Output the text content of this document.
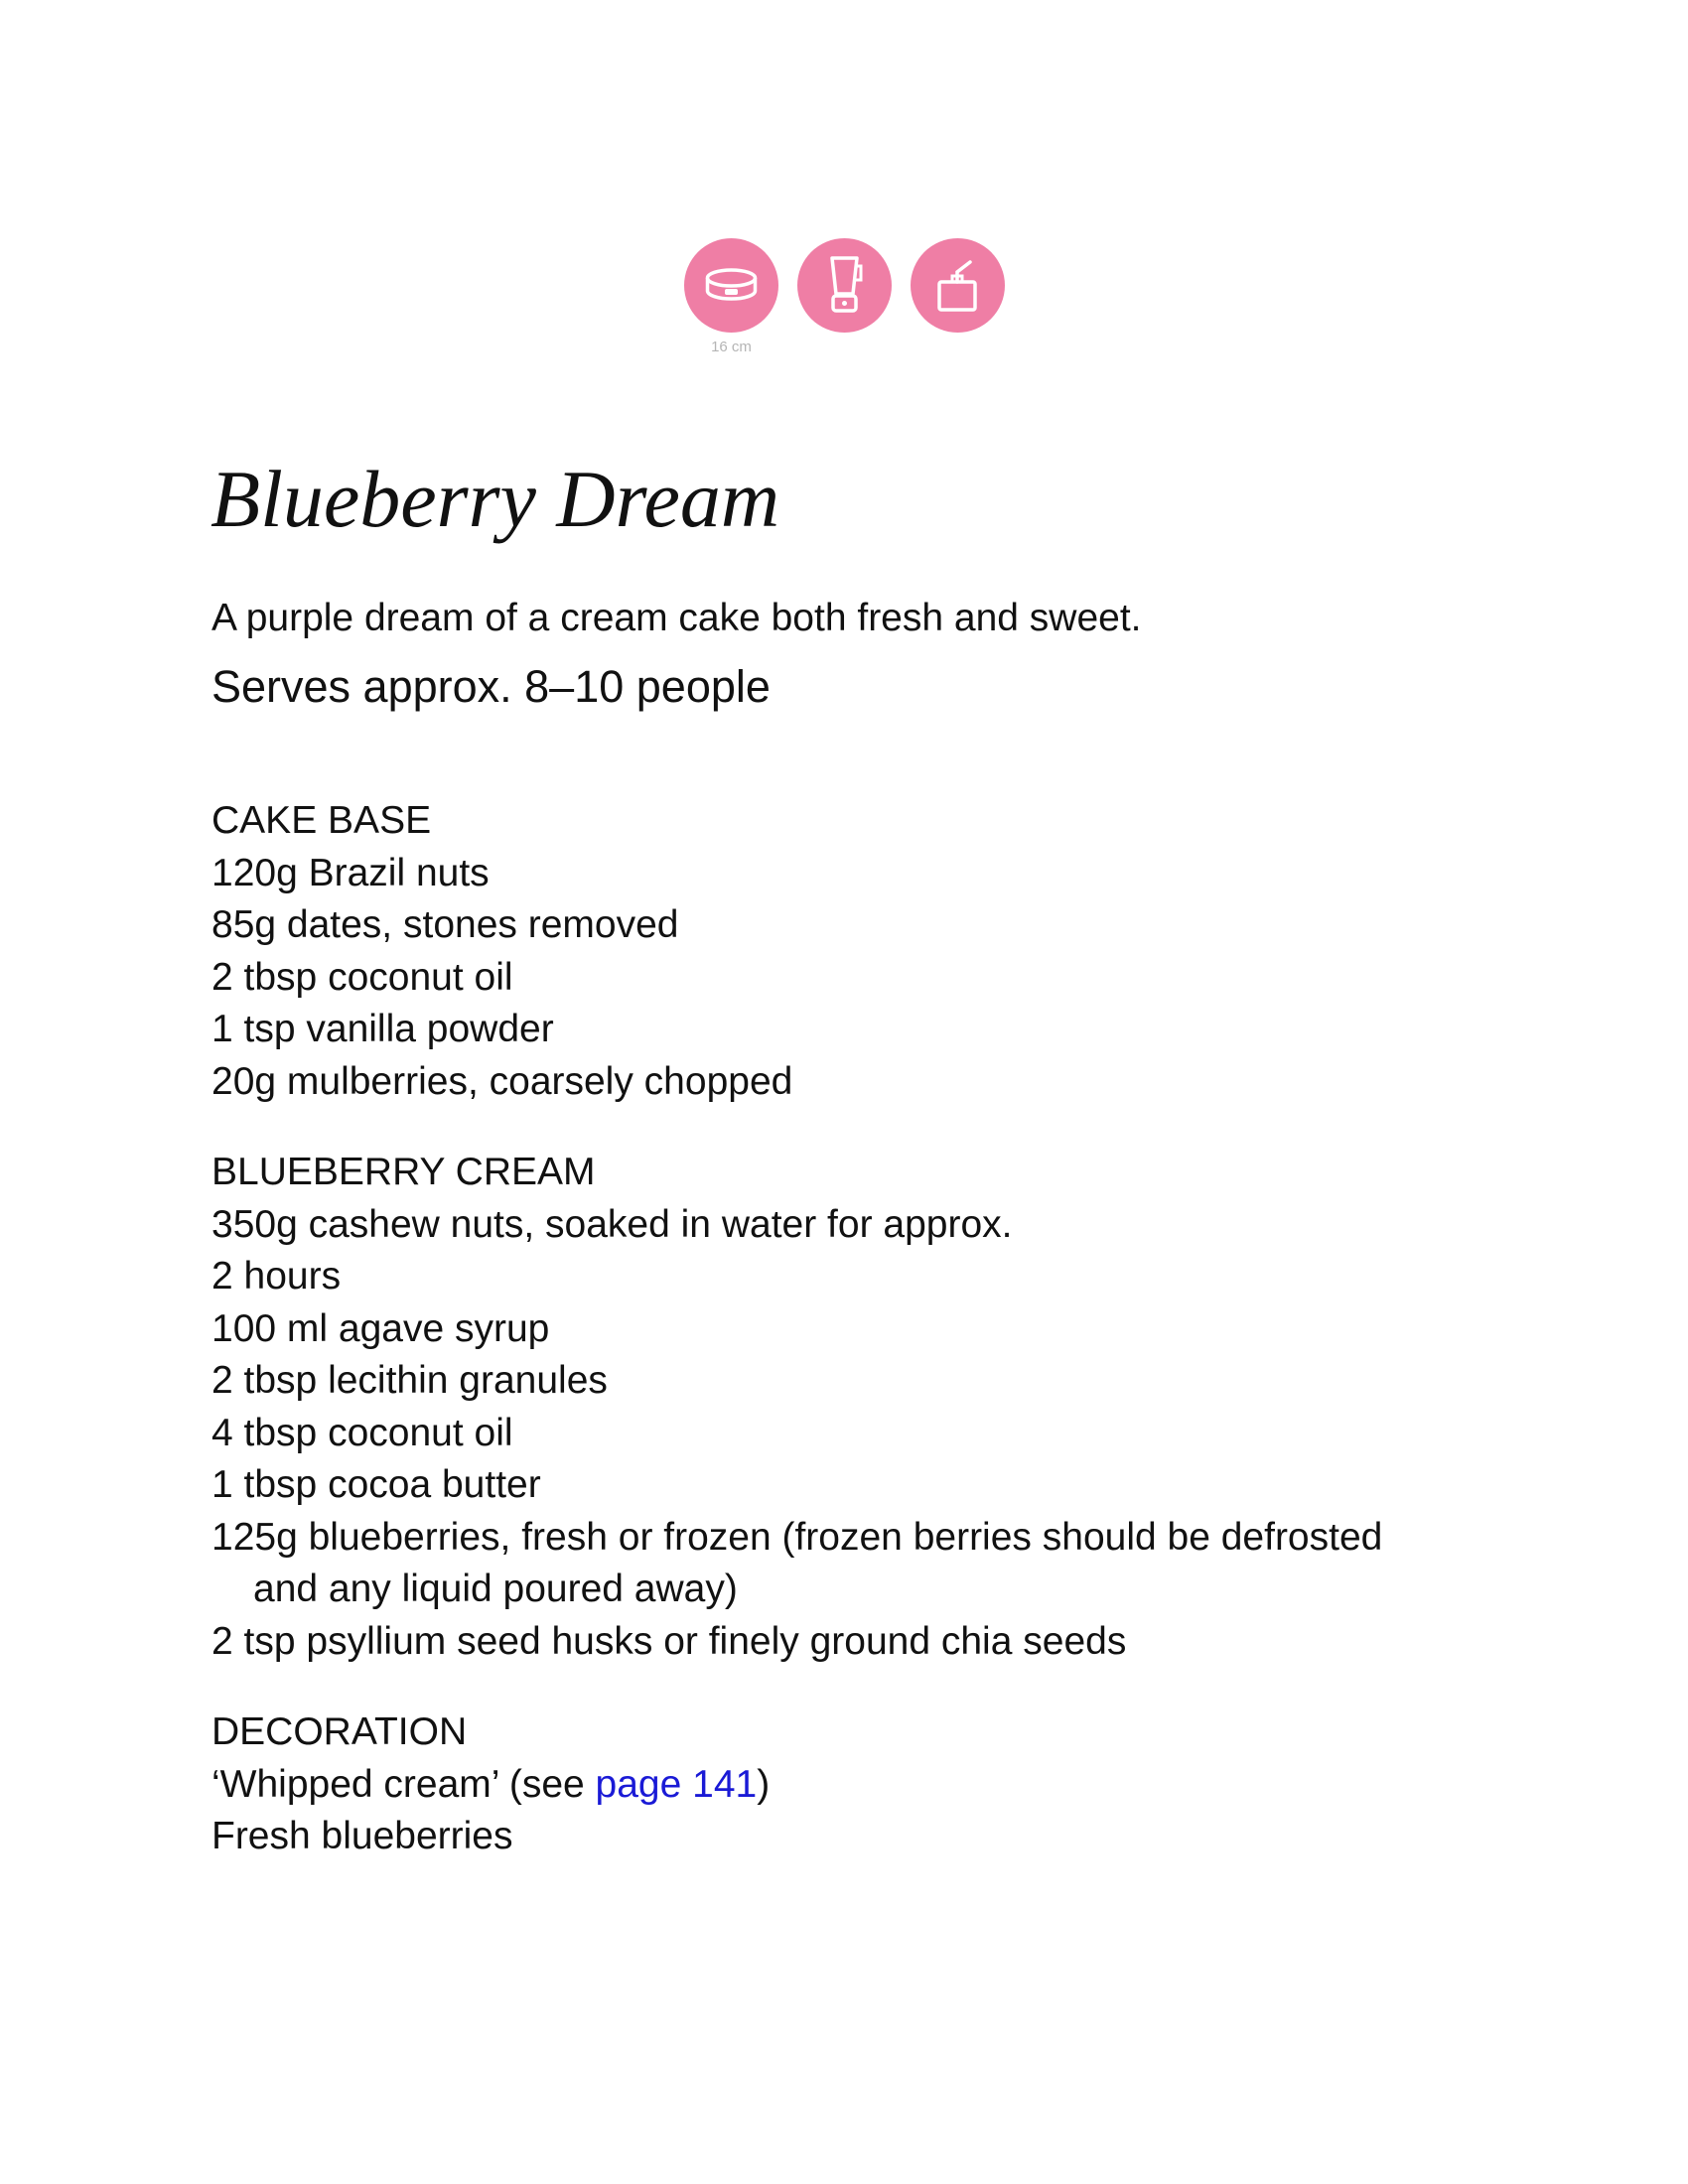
16 cm
Blueberry Dream
A purple dream of a cream cake both fresh and sweet.
Serves approx. 8–10 people
CAKE BASE
120g Brazil nuts
85g dates, stones removed
2 tbsp coconut oil
1 tsp vanilla powder
20g mulberries, coarsely chopped
BLUEBERRY CREAM
350g cashew nuts, soaked in water for approx.
2 hours
100 ml agave syrup
2 tbsp lecithin granules
4 tbsp coconut oil
1 tbsp cocoa butter
125g blueberries, fresh or frozen (frozen berries should be defrosted
and any liquid poured away)
2 tsp psyllium seed husks or finely ground chia seeds
DECORATION
‘Whipped cream’ (see page 141)
Fresh blueberries
